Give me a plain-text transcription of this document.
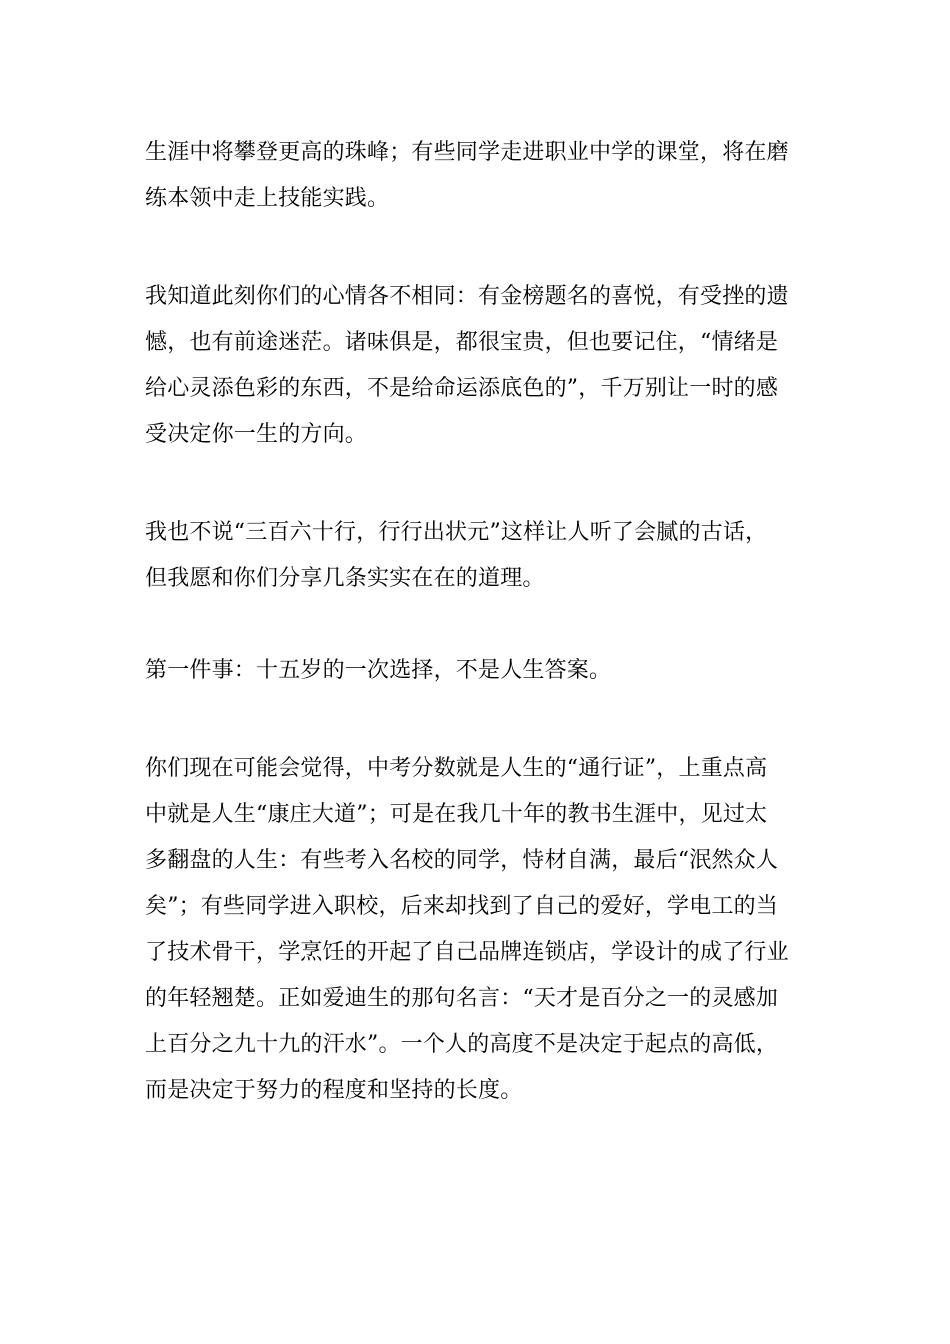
生涯中将攀登更高的珠峰；有些同学走进职业中学的课堂，将在磨
练本领中走上技能实践。

我知道此刻你们的心情各不相同：有金榜题名的喜悦，有受挫的遗
憾，也有前途迷茫。诸味俱是，都很宝贵，但也要记住，“情绪是
给心灵添色彩的东西，不是给命运添底色的”，千万别让一时的感
受决定你一生的方向。

我也不说“三百六十行，行行出状元”这样让人听了会腻的古话，
但我愿和你们分享几条实实在在的道理。

第一件事：十五岁的一次选择，不是人生答案。

你们现在可能会觉得，中考分数就是人生的“通行证”，上重点高
中就是人生“康庄大道”；可是在我几十年的教书生涯中，见过太
多翻盘的人生：有些考入名校的同学，恃材自满，最后“泯然众人
矣”；有些同学进入职校，后来却找到了自己的爱好，学电工的当
了技术骨干，学烹饪的开起了自己品牌连锁店，学设计的成了行业
的年轻翘楚。正如爱迪生的那句名言：“天才是百分之一的灵感加
上百分之九十九的汗水”。一个人的高度不是决定于起点的高低，
而是决定于努力的程度和坚持的长度。
